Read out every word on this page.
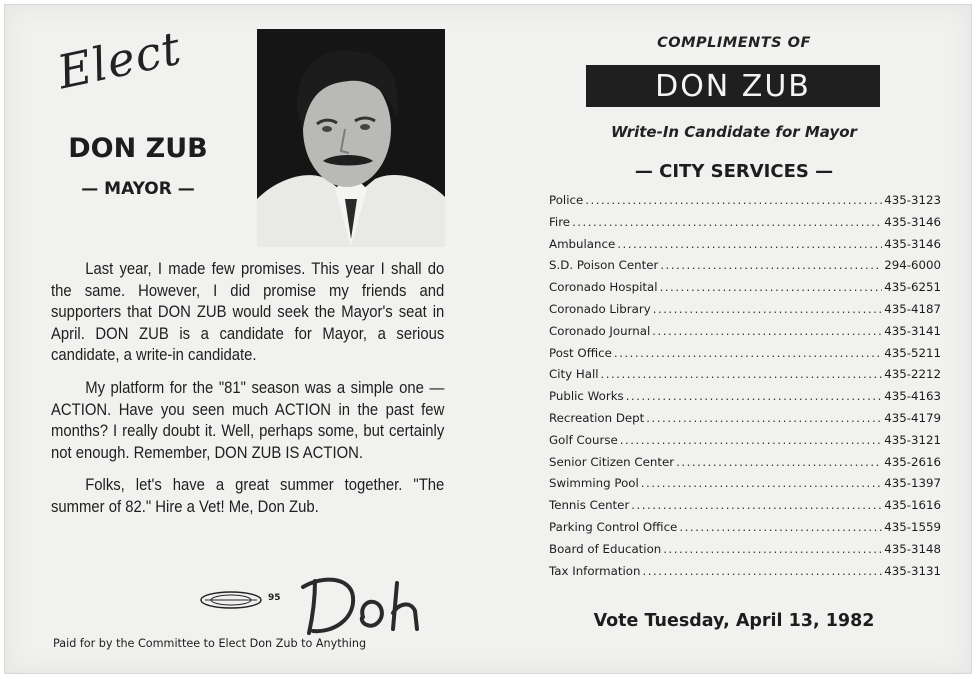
Elect
DON ZUB
— MAYOR —

Last year, I made few promises. This year I shall do the same. However, I did promise my friends and supporters that DON ZUB would seek the Mayor's seat in April. DON ZUB is a candidate for Mayor, a serious candidate, a write-in candidate.

My platform for the "81" season was a simple one — ACTION. Have you seen much ACTION in the past few months? I really doubt it. Well, perhaps some, but certainly not enough. Remember, DON ZUB IS ACTION.

Folks, let's have a great summer together. "The summer of 82." Hire a Vet! Me, Don Zub.

95
Paid for by the Committee to Elect Don Zub to Anything
COMPLIMENTS OF
DON ZUB
Write-In Candidate for Mayor
— CITY SERVICES —
Police .....	435-3123
Fire .....	435-3146
Ambulance .....	435-3146
S.D. Poison Center .....	294-6000
Coronado Hospital .....	435-6251
Coronado Library .....	435-4187
Coronado Journal .....	435-3141
Post Office .....	435-5211
City Hall .....	435-2212
Public Works .....	435-4163
Recreation Dept .....	435-4179
Golf Course .....	435-3121
Senior Citizen Center .....	435-2616
Swimming Pool .....	435-1397
Tennis Center .....	435-1616
Parking Control Office .....	435-1559
Board of Education .....	435-3148
Tax Information .....	435-3131
Vote Tuesday, April 13, 1982
